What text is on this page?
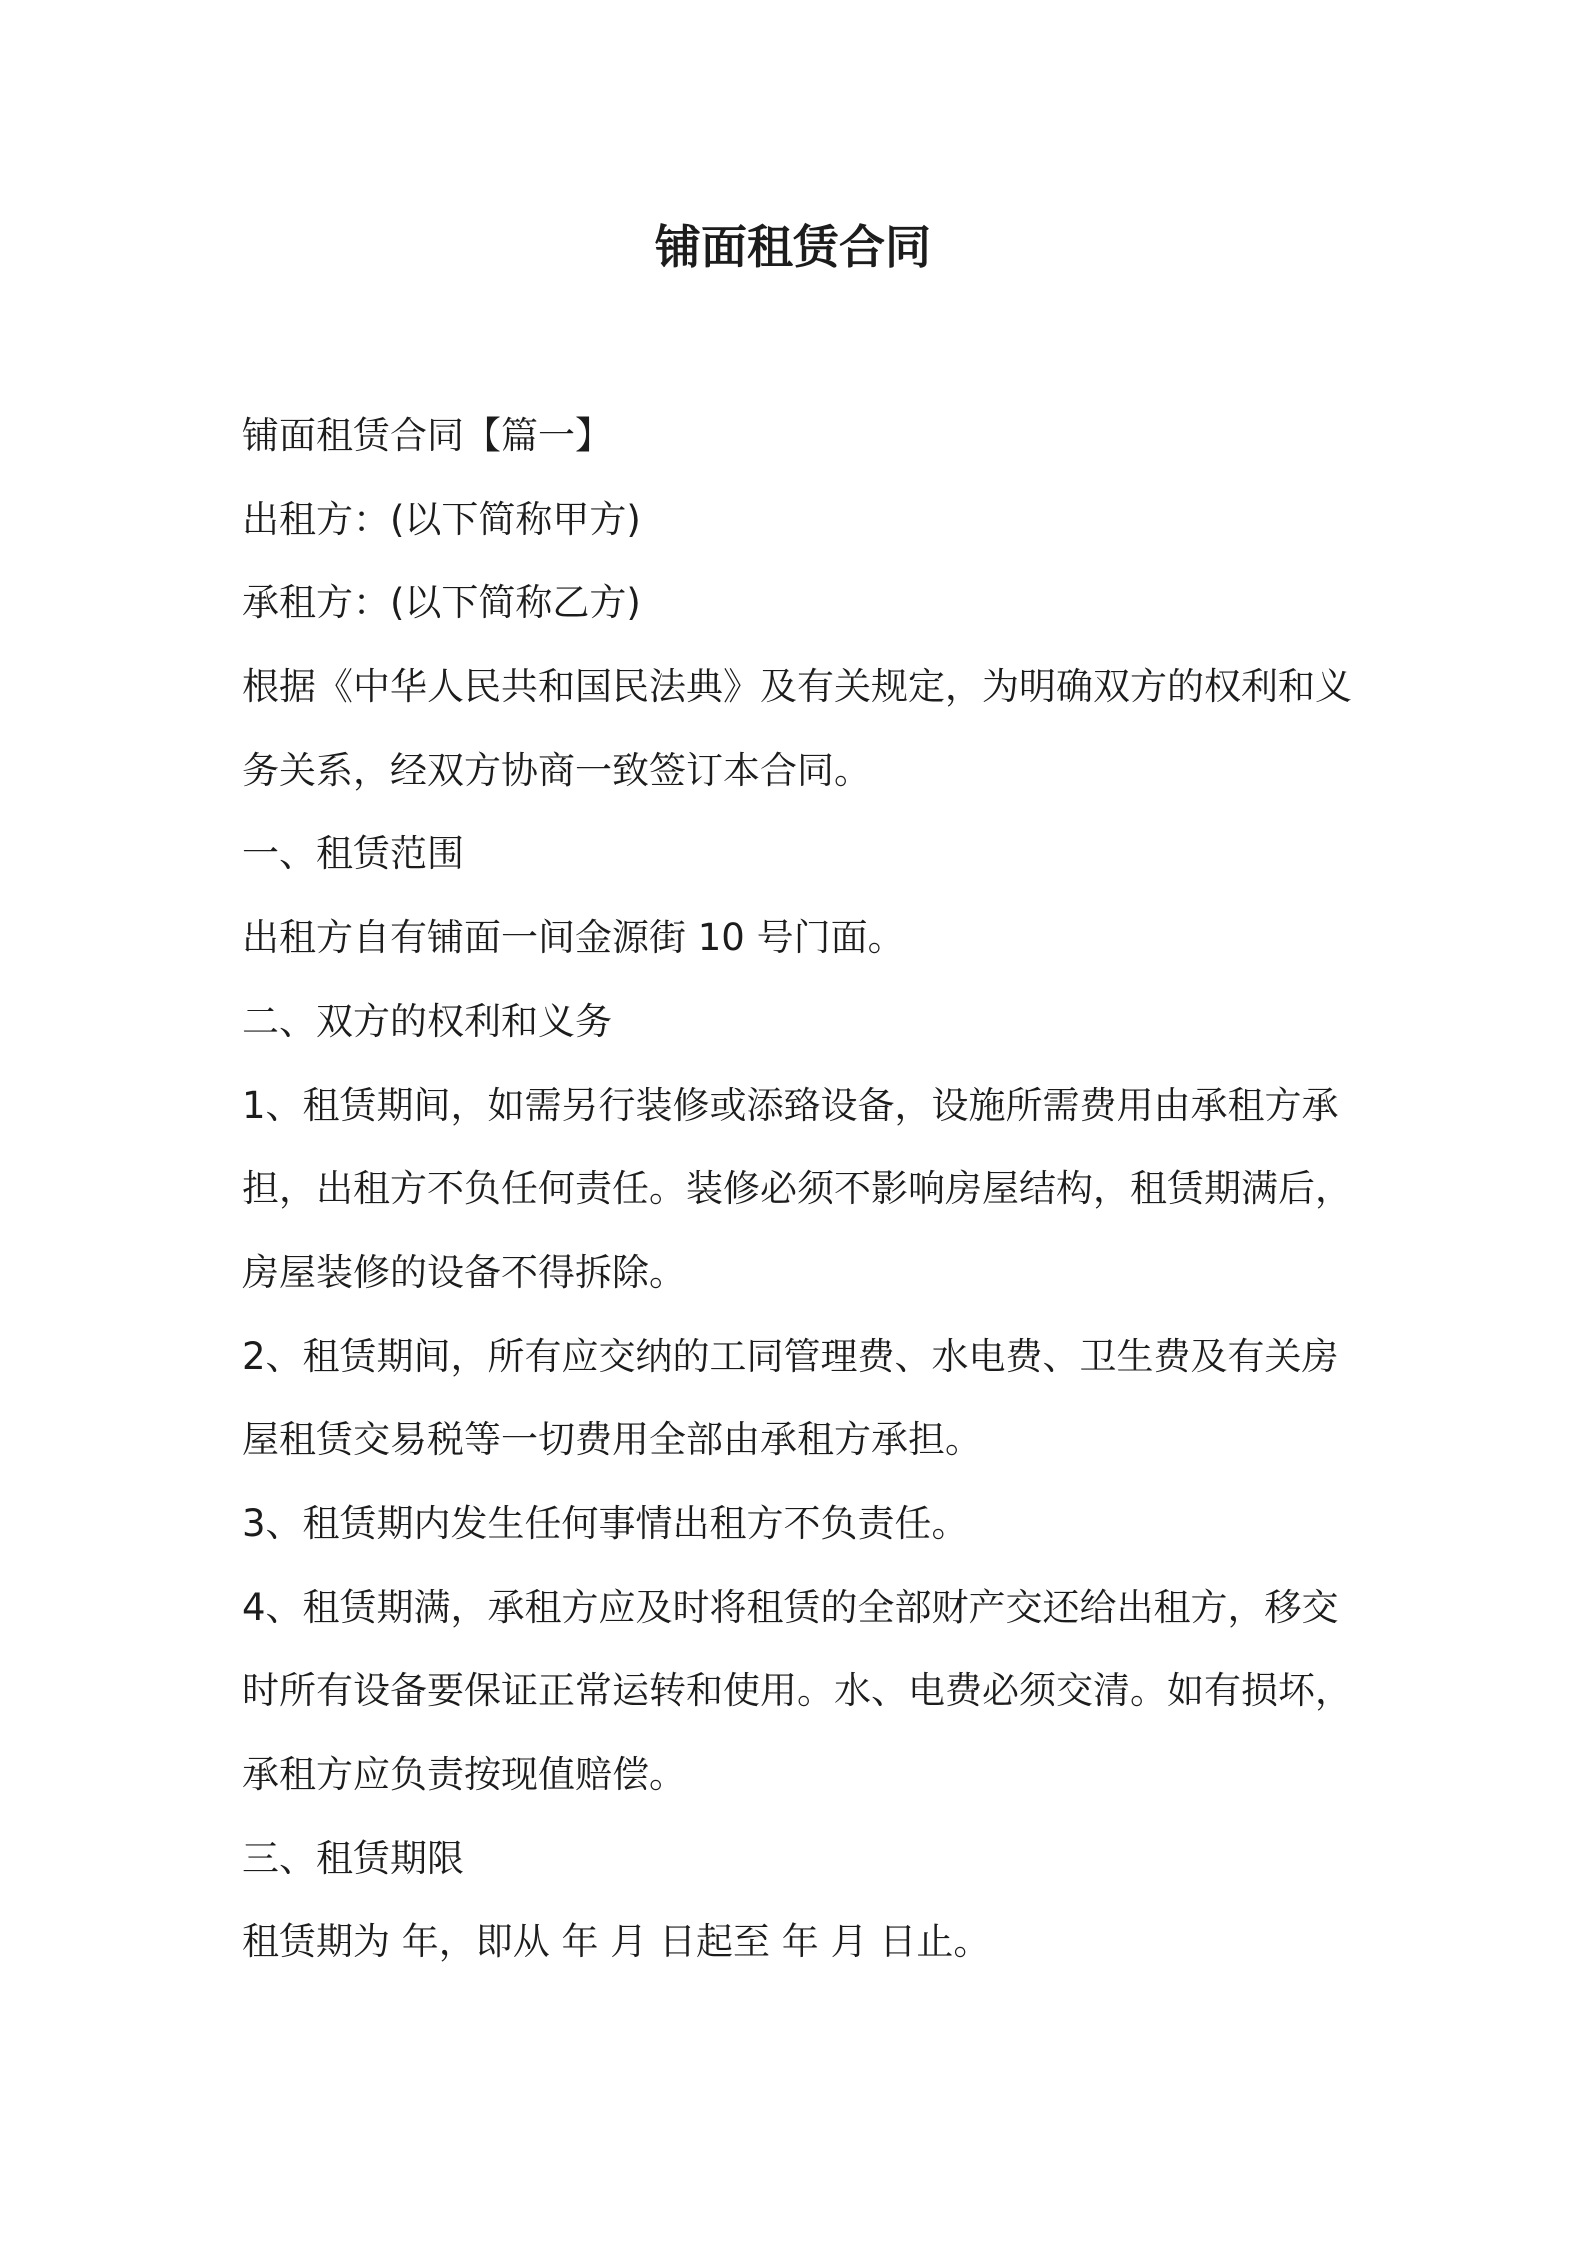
铺面租赁合同
铺面租赁合同【篇一】
出租方：(以下简称甲方)
承租方：(以下简称乙方)
根据《中华人民共和国民法典》及有关规定，为明确双方的权利和义
务关系，经双方协商一致签订本合同。
一、租赁范围
出租方自有铺面一间金源街 10 号门面。
二、双方的权利和义务
1、租赁期间，如需另行装修或添臵设备，设施所需费用由承租方承
担，出租方不负任何责任。装修必须不影响房屋结构，租赁期满后，
房屋装修的设备不得拆除。
2、租赁期间，所有应交纳的工同管理费、水电费、卫生费及有关房
屋租赁交易税等一切费用全部由承租方承担。
3、租赁期内发生任何事情出租方不负责任。
4、租赁期满，承租方应及时将租赁的全部财产交还给出租方，移交
时所有设备要保证正常运转和使用。水、电费必须交清。如有损坏，
承租方应负责按现值赔偿。
三、租赁期限
租赁期为 年，即从 年 月 日起至 年 月 日止。
